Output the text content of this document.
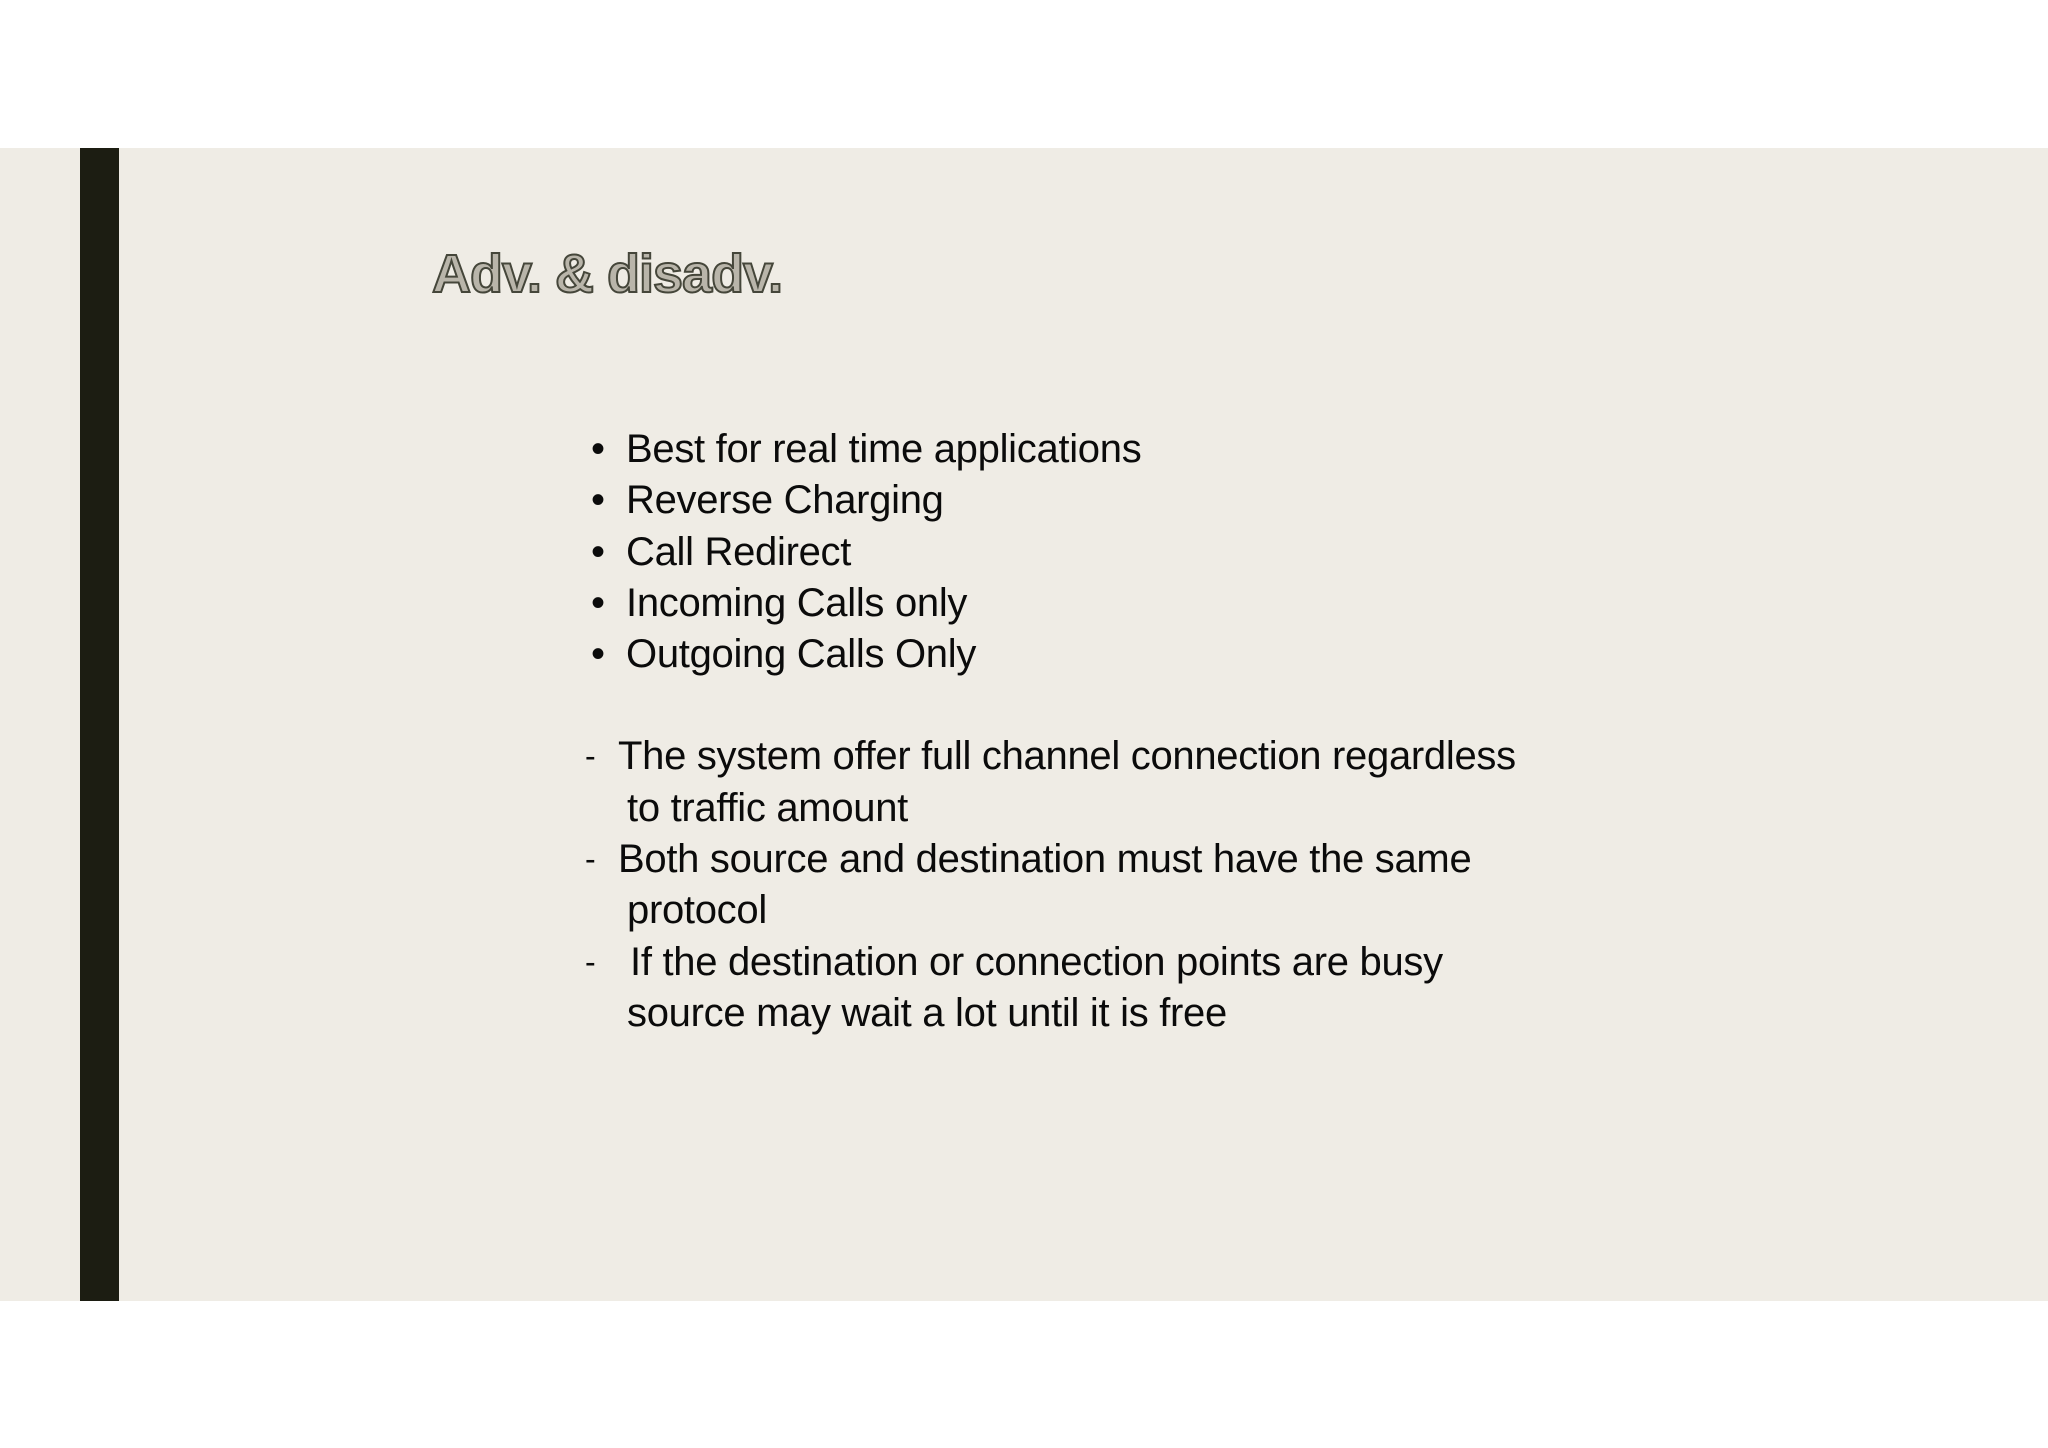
Adv. & disadv.
• Best for real time applications
• Reverse Charging
• Call Redirect
• Incoming Calls only
• Outgoing Calls Only
- The system offer full channel connection regardless
to traffic amount
- Both source and destination must have the same
protocol
- If the destination or connection points are busy
source may wait a lot until it is free
